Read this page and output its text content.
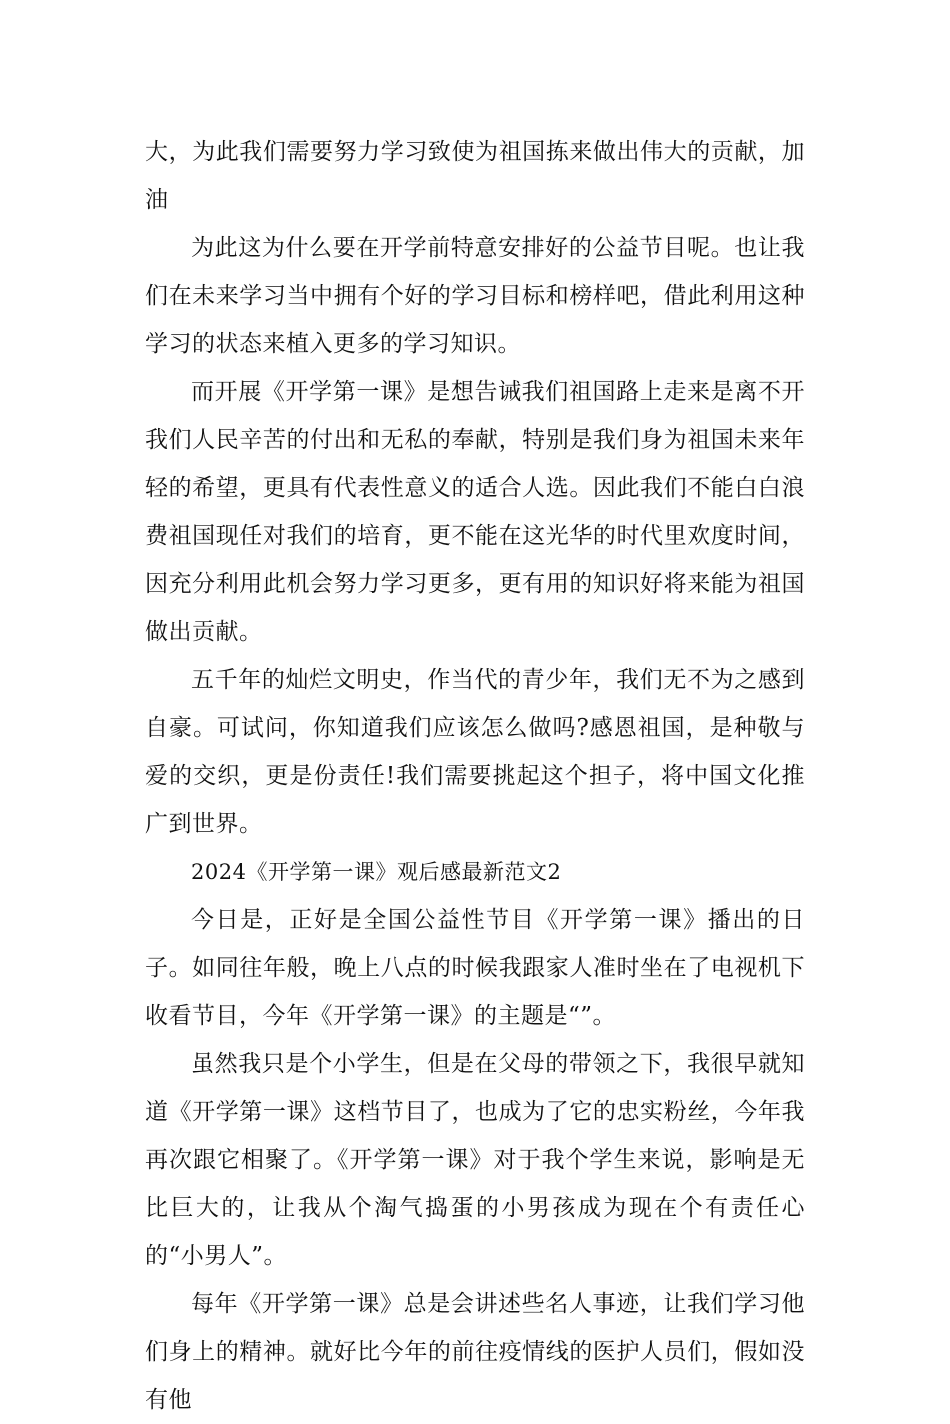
大，为此我们需要努力学习致使为祖国拣来做出伟大的贡献，加油

为此这为什么要在开学前特意安排好的公益节目呢。也让我们在未来学习当中拥有个好的学习目标和榜样吧，借此利用这种学习的状态来植入更多的学习知识。

而开展《开学第一课》是想告诫我们祖国路上走来是离不开我们人民辛苦的付出和无私的奉献，特别是我们身为祖国未来年轻的希望，更具有代表性意义的适合人选。因此我们不能白白浪费祖国现任对我们的培育，更不能在这光华的时代里欢度时间，因充分利用此机会努力学习更多，更有用的知识好将来能为祖国做出贡献。

五千年的灿烂文明史，作当代的青少年，我们无不为之感到自豪。可试问，你知道我们应该怎么做吗?感恩祖国，是种敬与爱的交织，更是份责任!我们需要挑起这个担子，将中国文化推广到世界。

2024《开学第一课》观后感最新范文2

今日是，正好是全国公益性节目《开学第一课》播出的日子。如同往年般，晚上八点的时候我跟家人准时坐在了电视机下收看节目，今年《开学第一课》的主题是“”。

虽然我只是个小学生，但是在父母的带领之下，我很早就知道《开学第一课》这档节目了，也成为了它的忠实粉丝，今年我再次跟它相聚了。《开学第一课》对于我个学生来说，影响是无比巨大的，让我从个淘气捣蛋的小男孩成为现在个有责任心的“小男人”。

每年《开学第一课》总是会讲述些名人事迹，让我们学习他们身上的精神。就好比今年的前往疫情线的医护人员们，假如没有他
